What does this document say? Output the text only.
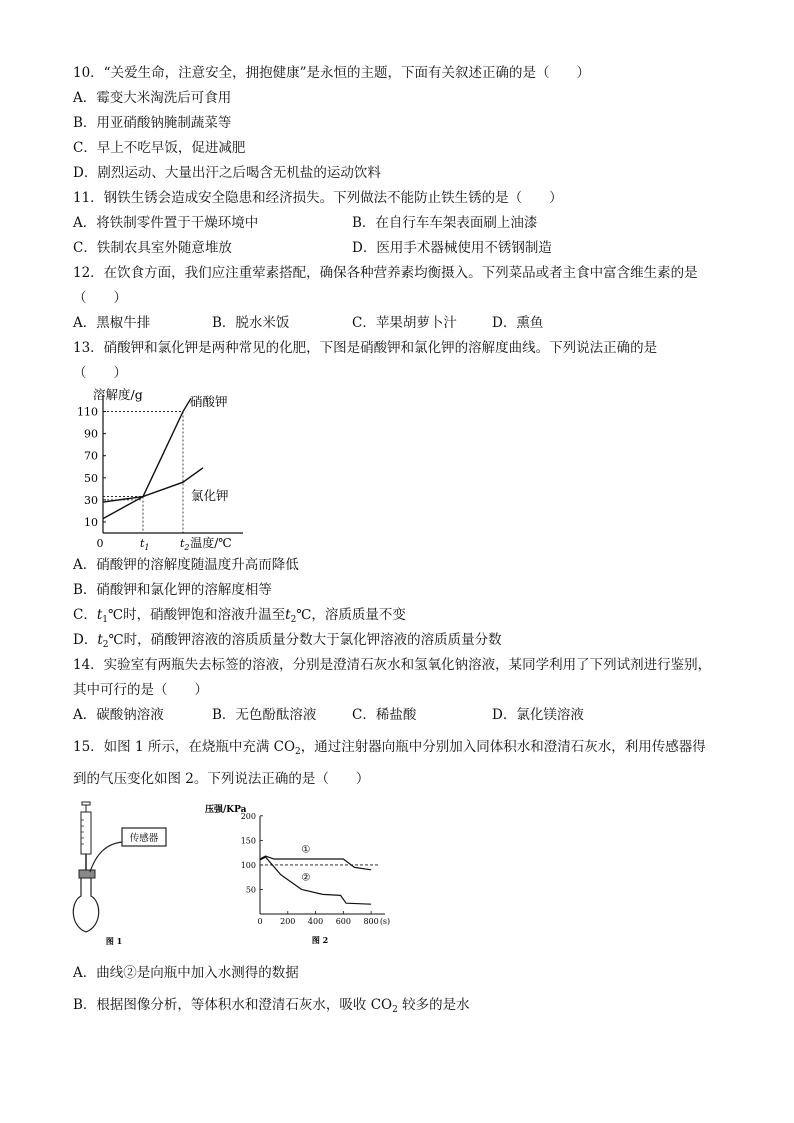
10．“关爱生命，注意安全，拥抱健康”是永恒的主题，下面有关叙述正确的是（　　）
A．霉变大米淘洗后可食用
B．用亚硝酸钠腌制蔬菜等
C．早上不吃早饭，促进减肥
D．剧烈运动、大量出汗之后喝含无机盐的运动饮料
11．钢铁生锈会造成安全隐患和经济损失。下列做法不能防止铁生锈的是（　　）
A．将铁制零件置于干燥环境中	B．在自行车车架表面刷上油漆
C．铁制农具室外随意堆放	D．医用手术器械使用不锈钢制造
12．在饮食方面，我们应注重荤素搭配，确保各种营养素均衡摄入。下列菜品或者主食中富含维生素的是
（　　）
A．黑椒牛排	B．脱水米饭	C．苹果胡萝卜汁	D．熏鱼
13．硝酸钾和氯化钾是两种常见的化肥，下图是硝酸钾和氯化钾的溶解度曲线。下列说法正确的是
（　　）
10
30
50
70
90
110
0	$t_1$	$t_2$ 温度/℃
溶解度/g	硝酸钾
氯化钾
A．硝酸钾的溶解度随温度升高而降低
B．硝酸钾和氯化钾的溶解度相等
C．$t_1℃$时，硝酸钾饱和溶液升温至$t_2℃$，溶质质量不变
D．$t_2℃$时，硝酸钾溶液的溶质质量分数大于氯化钾溶液的溶质质量分数
14．实验室有两瓶失去标签的溶液，分别是澄清石灰水和氢氧化钠溶液，某同学利用了下列试剂进行鉴别，
其中可行的是（　　）
A．碳酸钠溶液	B．无色酚酞溶液	C．稀盐酸	D．氯化镁溶液
15．如图 1 所示，在烧瓶中充满 $CO_2$，通过注射器向瓶中分别加入同体积水和澄清石灰水，利用传感器得
到的气压变化如图 2。下列说法正确的是（　　）
传感器
图 1
50
100
150
200
0 200 400 600 800 (s)
压强/KPa
①
②
图 2
A．曲线②是向瓶中加入水测得的数据
B．根据图像分析，等体积水和澄清石灰水，吸收 $CO_2$ 较多的是水
